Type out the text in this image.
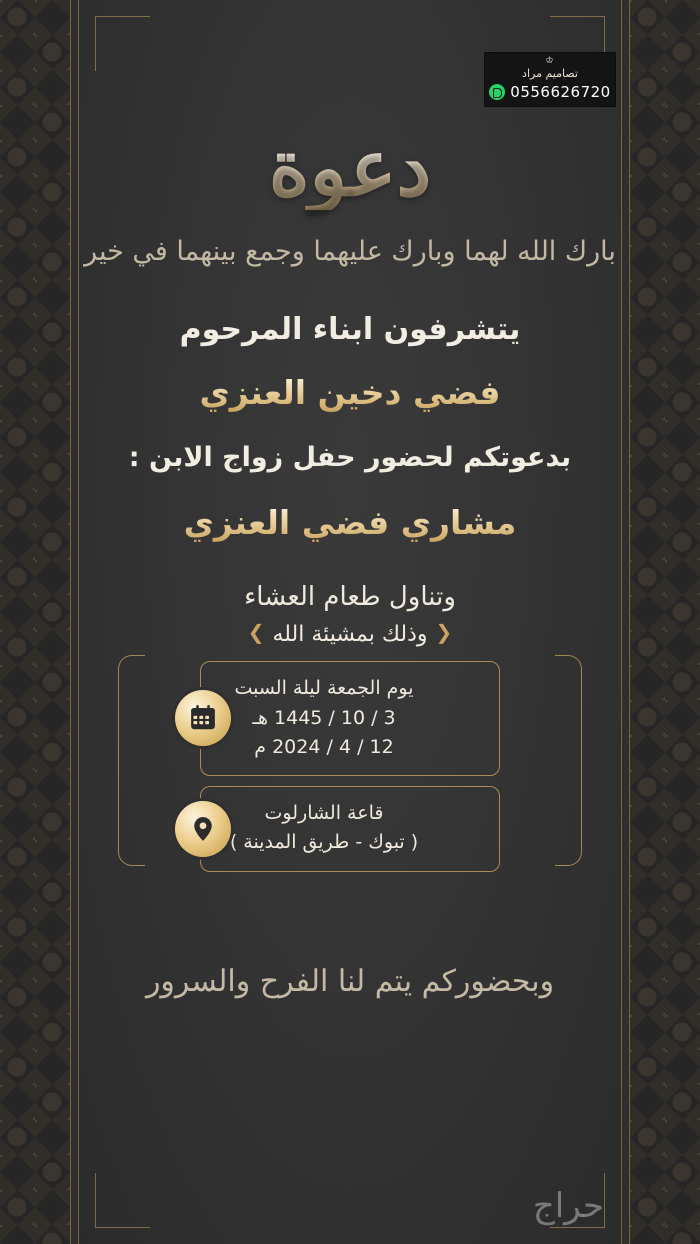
♔
تصاميم مراد
0556626720
دعوة
بارك الله لهما وبارك عليهما وجمع بينهما في خير
يتشرفون ابناء المرحوم
فضي دخين العنزي
بدعوتكم لحضور حفل زواج الابن :
مشاري فضي العنزي
وتناول طعام العشاء
❮وذلك بمشيئة الله❯
يوم الجمعة ليلة السبت
3 / 10 / 1445 هـ
12 / 4 / 2024 م
قاعة الشارلوت
( تبوك - طريق المدينة )
وبحضوركم يتم لنا الفرح والسرور
حراج
